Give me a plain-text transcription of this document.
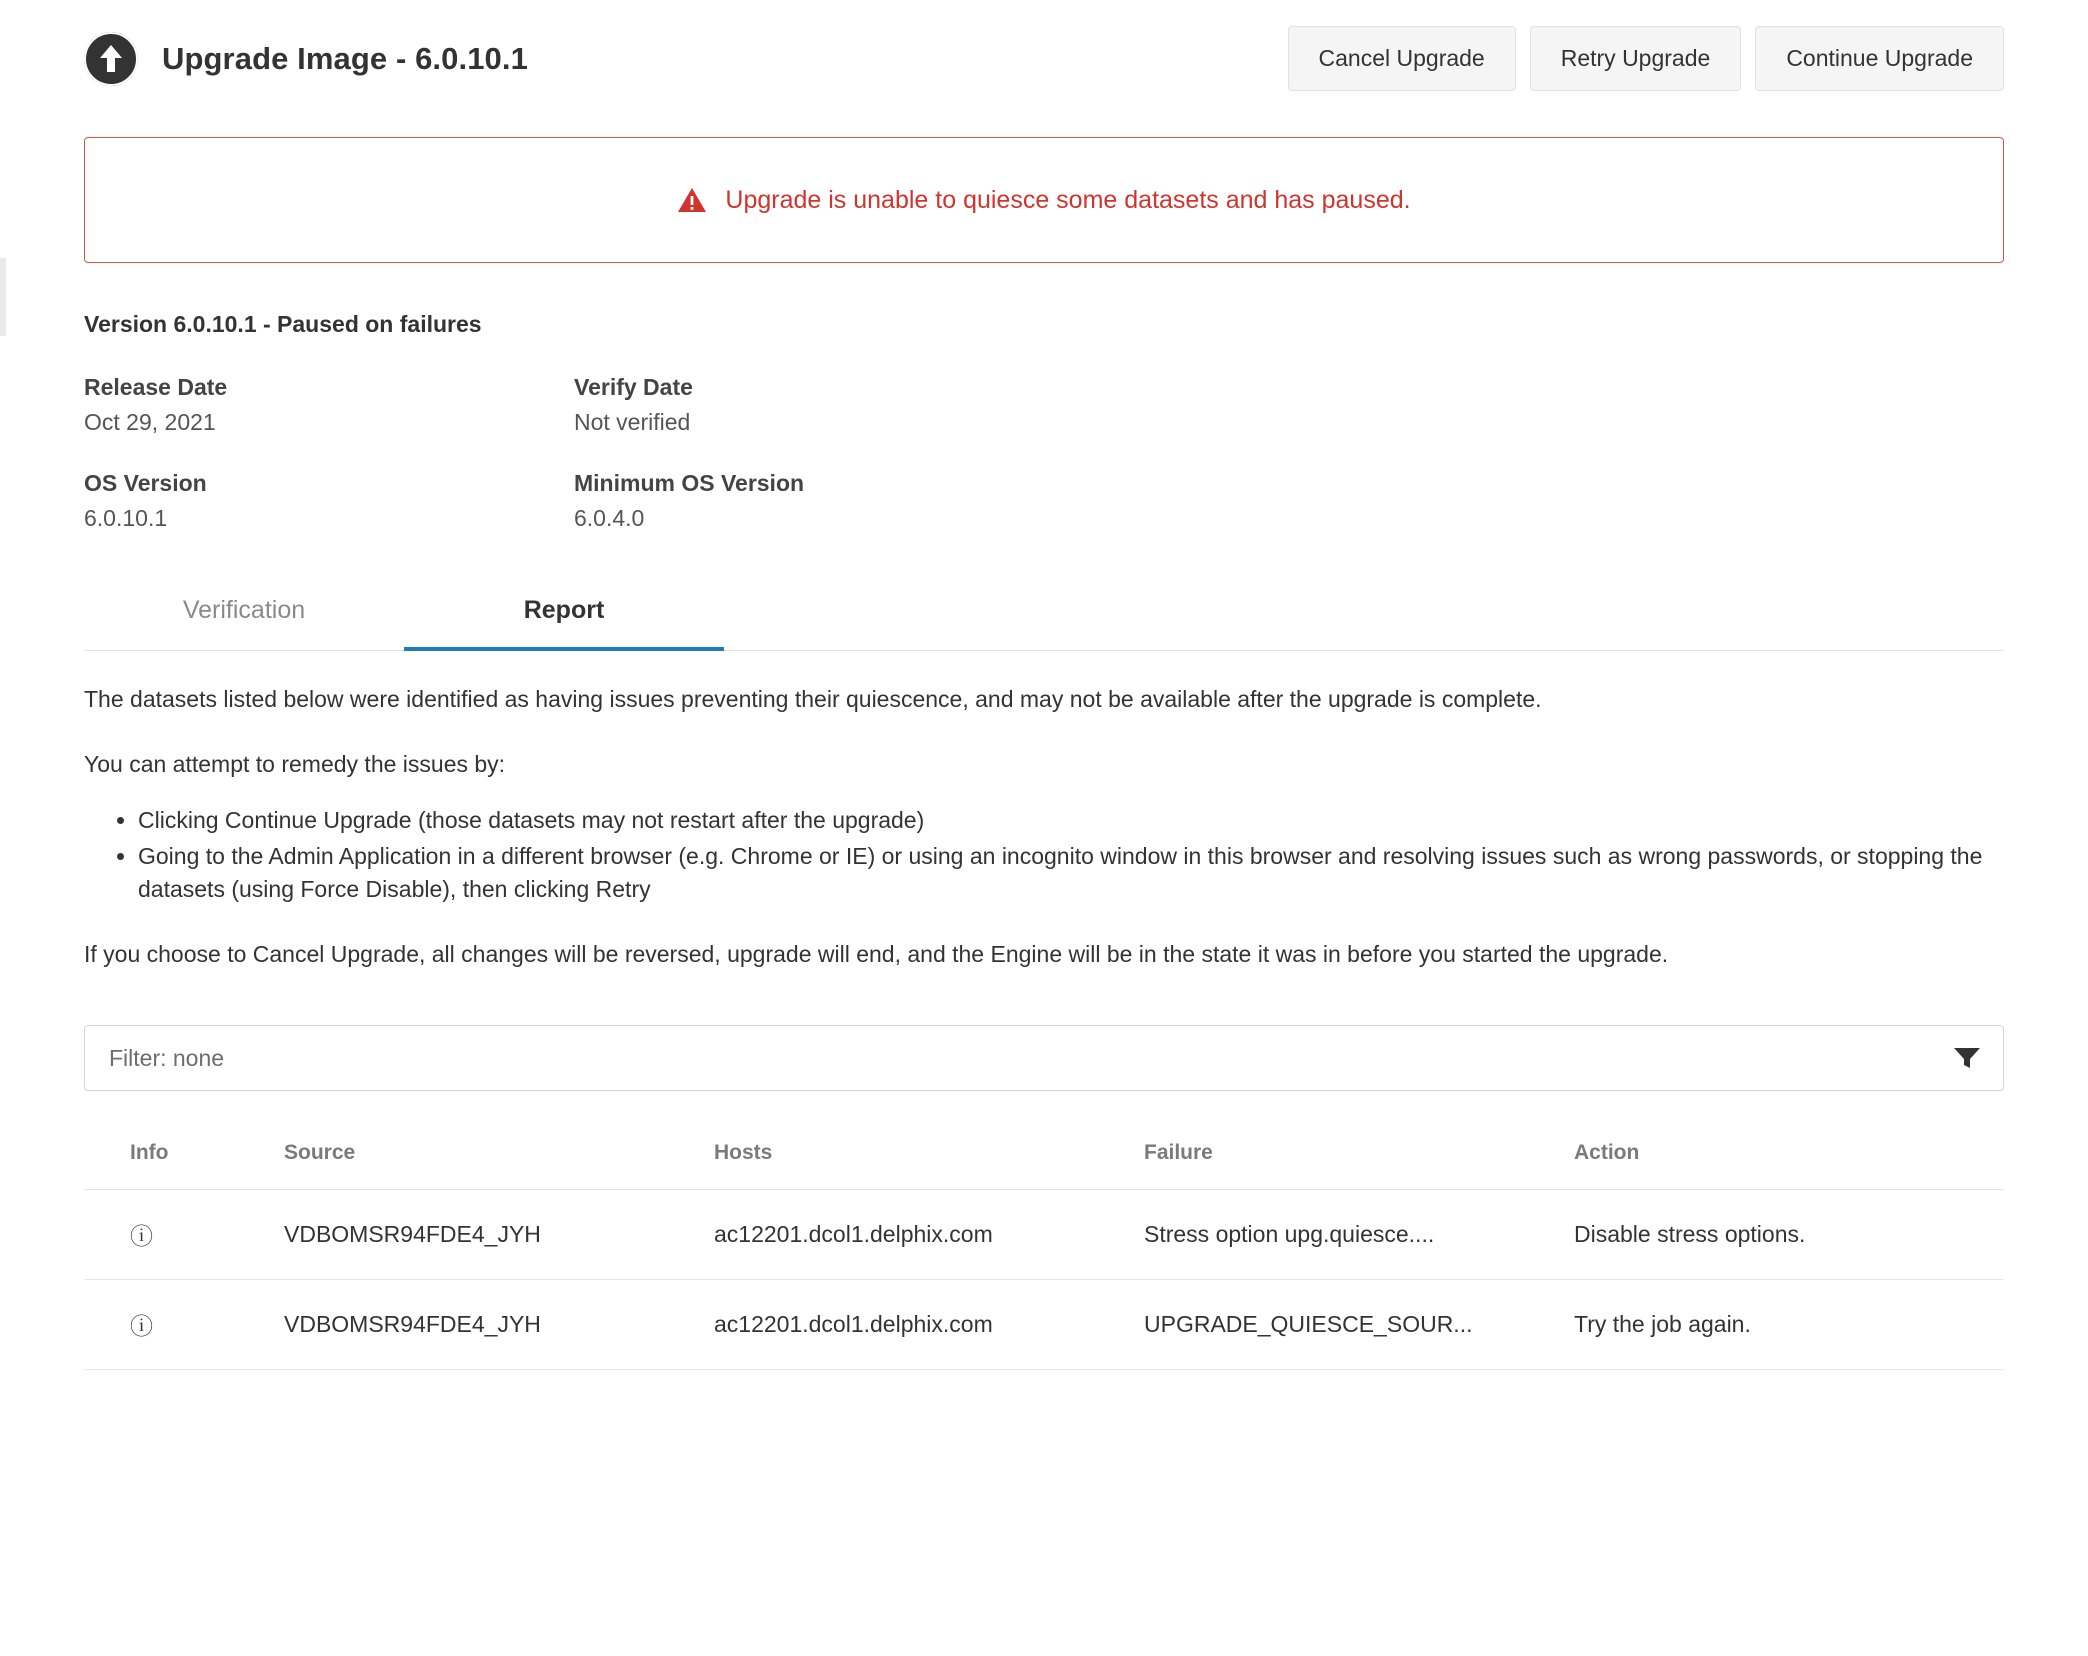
Upgrade Image - 6.0.10.1	Cancel Upgrade	Retry Upgrade	Continue Upgrade
Upgrade is unable to quiesce some datasets and has paused.
Version 6.0.10.1 - Paused on failures
Release Date
Oct 29, 2021
Verify Date
Not verified
OS Version
6.0.10.1
Minimum OS Version
6.0.4.0
Verification	Report
The datasets listed below were identified as having issues preventing their quiescence, and may not be available after the upgrade is complete.
You can attempt to remedy the issues by:
• Clicking Continue Upgrade (those datasets may not restart after the upgrade)
• Going to the Admin Application in a different browser (e.g. Chrome or IE) or using an incognito window in this browser and resolving issues such as wrong passwords, or stopping the datasets (using Force Disable), then clicking Retry
If you choose to Cancel Upgrade, all changes will be reversed, upgrade will end, and the Engine will be in the state it was in before you started the upgrade.
Filter: none
Info	Source	Hosts	Failure	Action
ⓘ	VDBOMSR94FDE4_JYH	ac12201.dcol1.delphix.com	Stress option upg.quiesce....	Disable stress options.
ⓘ	VDBOMSR94FDE4_JYH	ac12201.dcol1.delphix.com	UPGRADE_QUIESCE_SOUR...	Try the job again.
